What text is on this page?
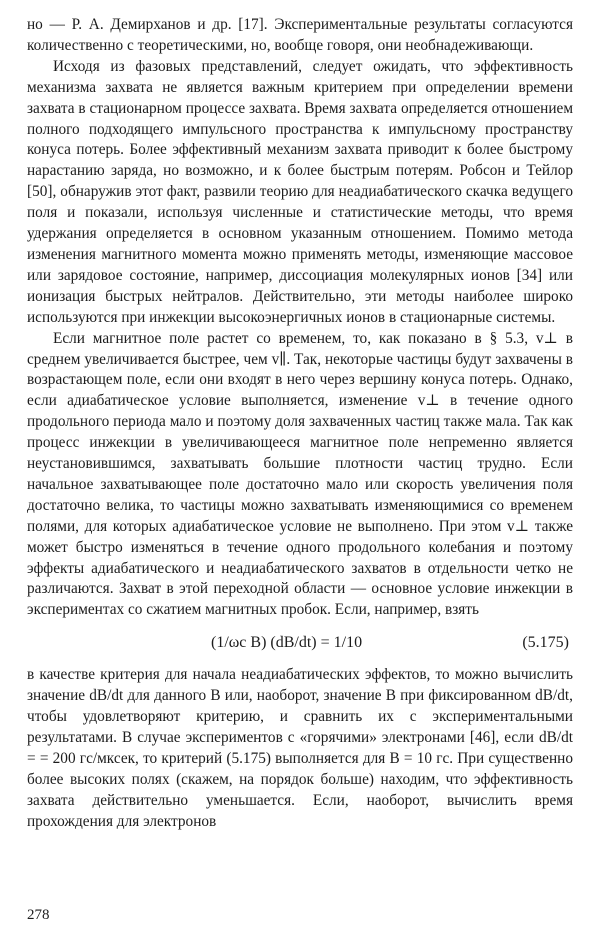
но — Р. А. Демирханов и др. [17]. Экспериментальные результаты согласуются количественно с теоретическими, но, вообще говоря, они необнадеживающи.

Исходя из фазовых представлений, следует ожидать, что эффективность механизма захвата не является важным критерием при определении времени захвата в стационарном процессе захвата. Время захвата определяется отношением полного подходящего импульсного пространства к импульсному пространству конуса потерь. Более эффективный механизм захвата приводит к более быстрому нарастанию заряда, но возможно, и к более быстрым потерям. Робсон и Тейлор [50], обнаружив этот факт, развили теорию для неадиабатического скачка ведущего поля и показали, используя численные и статистические методы, что время удержания определяется в основном указанным отношением. Помимо метода изменения магнитного момента можно применять методы, изменяющие массовое или зарядовое состояние, например, диссоциация молекулярных ионов [34] или ионизация быстрых нейтралов. Действительно, эти методы наиболее широко используются при инжекции высокоэнергичных ионов в стационарные системы.

Если магнитное поле растет со временем, то, как показано в § 5.3, v⊥ в среднем увеличивается быстрее, чем v∥. Так, некоторые частицы будут захвачены в возрастающем поле, если они входят в него через вершину конуса потерь. Однако, если адиабатическое условие выполняется, изменение v⊥ в течение одного продольного периода мало и поэтому доля захваченных частиц также мала. Так как процесс инжекции в увеличивающееся магнитное поле непременно является неустановившимся, захватывать большие плотности частиц трудно. Если начальное захватывающее поле достаточно мало или скорость увеличения поля достаточно велика, то частицы можно захватывать изменяющимися со временем полями, для которых адиабатическое условие не выполнено. При этом v⊥ также может быстро изменяться в течение одного продольного колебания и поэтому эффекты адиабатического и неадиабатического захватов в отдельности четко не различаются. Захват в этой переходной области — основное условие инжекции в экспериментах со сжатием магнитных пробок. Если, например, взять

(1/ωc B) (dB/dt) = 1/10	(5.175)

в качестве критерия для начала неадиабатических эффектов, то можно вычислить значение dB/dt для данного B или, наоборот, значение B при фиксированном dB/dt, чтобы удовлетворяют критерию, и сравнить их с экспериментальными результатами. В случае экспериментов с «горячими» электронами [46], если dB/dt = = 200 гс/мксек, то критерий (5.175) выполняется для B = 10 гс. При существенно более высоких полях (скажем, на порядок больше) находим, что эффективность захвата действительно уменьшается. Если, наоборот, вычислить время прохождения для электронов

278
